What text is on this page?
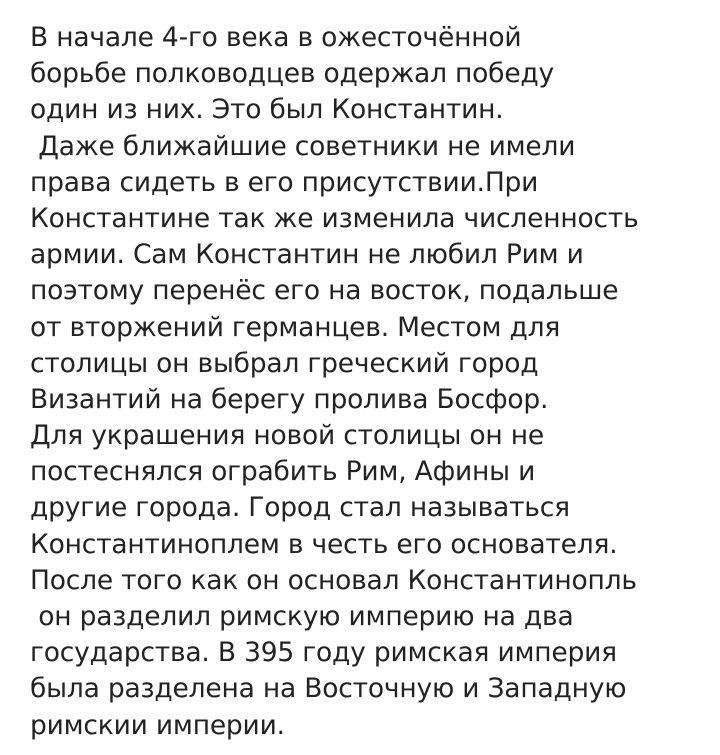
В начале 4-го века в ожесточённой
борьбе полководцев одержал победу
один из них. Это был Константин.
Даже ближайшие советники не имели
права сидеть в его присутствии.При
Константине так же изменила численность
армии. Сам Константин не любил Рим и
поэтому перенёс его на восток, подальше
от вторжений германцев. Местом для
столицы он выбрал греческий город
Византий на берегу пролива Босфор.
Для украшения новой столицы он не
постеснялся ограбить Рим, Афины и
другие города. Город стал называться
Константиноплем в честь его основателя.
После того как он основал Константинопль
он разделил римскую империю на два
государства. В 395 году римская империя
была разделена на Восточную и Западную
римскии империи.
